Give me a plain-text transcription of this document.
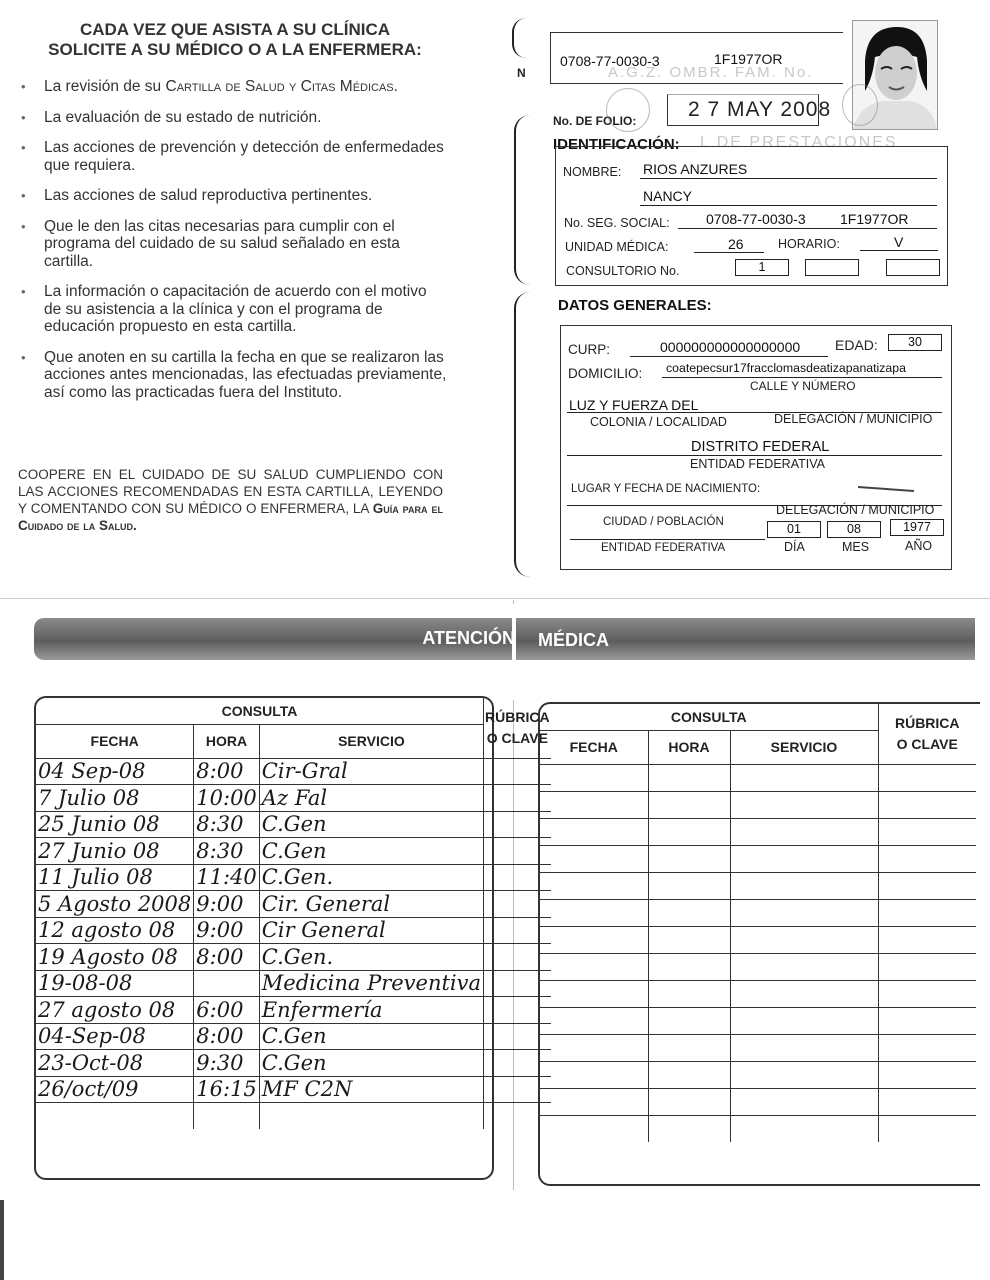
CADA VEZ QUE ASISTA A SU CLÍNICA
SOLICITE A SU MÉDICO O A LA ENFERMERA:
• La revisión de su Cartilla de Salud y Citas Médicas.
• La evaluación de su estado de nutrición.
• Las acciones de prevención y detección de enfermedades que requiera.
• Las acciones de salud reproductiva pertinentes.
• Que le den las citas necesarias para cumplir con el programa del cuidado de su salud señalado en esta cartilla.
• La información o capacitación de acuerdo con el motivo de su asistencia a la clínica y con el programa de educación propuesto en esta cartilla.
• Que anoten en su cartilla la fecha en que se realizaron las acciones antes mencionadas, las efectuadas previamente, así como las practicadas fuera del Instituto.
COOPERE EN EL CUIDADO DE SU SALUD CUMPLIENDO CON LAS ACCIONES RECOMENDADAS EN ESTA CARTILLA, LEYENDO Y COMENTANDO CON SU MÉDICO O ENFERMERA, LA Guía para el Cuidado de la Salud.
N
0708-77-0030-3	1F1977OR
A.G.Z. OMBR. FAM. No.
No. DE FOLIO: 2 7 MAY 2008
IDENTIFICACIÓN: L DE PRESTACIONES
NOMBRE: RIOS ANZURES
NANCY
No. SEG. SOCIAL:	0708-77-0030-3 1F1977OR
UNIDAD MÉDICA:	26	HORARIO:	V
CONSULTORIO No.	1
DATOS GENERALES:
CURP:	000000000000000000 EDAD:	30
DOMICILIO: coatepecsur17fracclomasdeatizapanatizapa
CALLE Y NÚMERO
LUZ Y FUERZA DEL
COLONIA / LOCALIDAD	DELEGACIÓN / MUNICIPIO
DISTRITO FEDERAL
ENTIDAD FEDERATIVA
LUGAR Y FECHA DE NACIMIENTO:
DELEGACIÓN / MUNICIPIO
CIUDAD / POBLACIÓN	01	08	1977
ENTIDAD FEDERATIVA	DÍA	MES	AÑO
ATENCIÓN MÉDICA
CONSULTA			RÚBRICA
O CLAVE
FECHA	HORA	SERVICIO	
04 Sep-08	8:00	Cir-Gral	
7 Julio 08	10:00	Az Fal	
25 Junio 08	8:30	C.Gen	
27 Junio 08	8:30	C.Gen	
11 Julio 08	11:40	C.Gen.	
5 Agosto 2008	9:00	Cir. General	
12 agosto 08	9:00	Cir General	
19 Agosto 08	8:00	C.Gen.	
19-08-08		Medicina Preventiva	
27 agosto 08	6:00	Enfermería	
04-Sep-08	8:00	C.Gen	
23-Oct-08	9:30	C.Gen	
26/oct/09	16:15	MF C2N	

CONSULTA			RÚBRICA
O CLAVE
FECHA	HORA	SERVICIO	
